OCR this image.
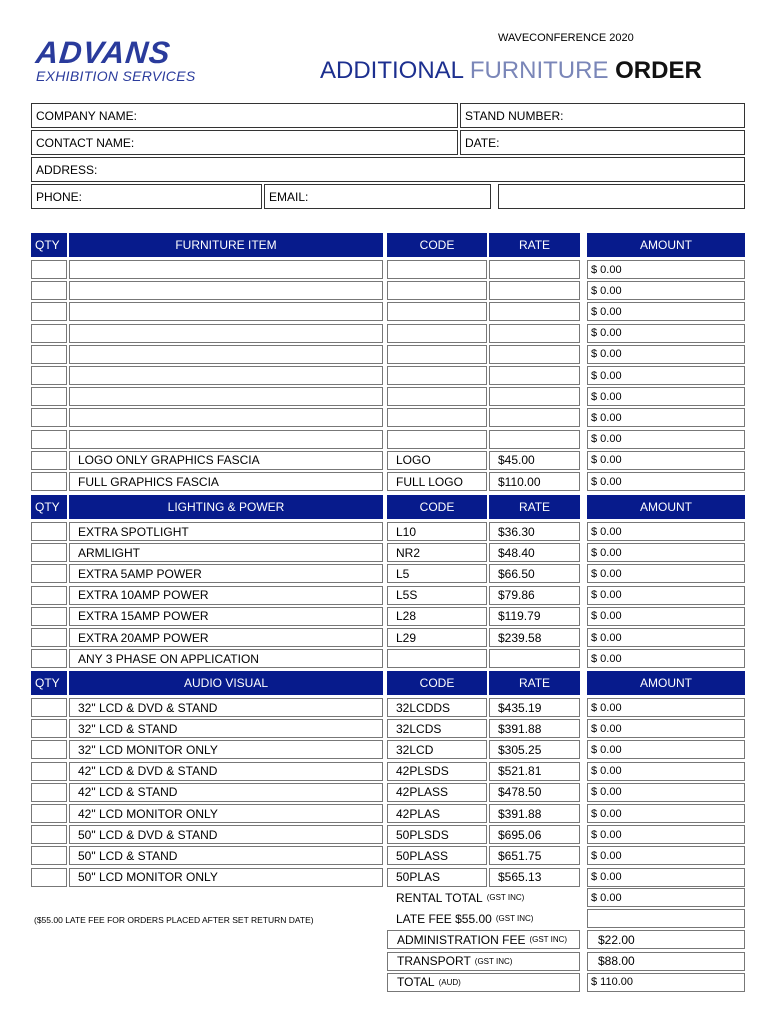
ADVANS
EXHIBITION SERVICES
WAVECONFERENCE 2020
ADDITIONAL FURNITURE ORDER
COMPANY NAME:	STAND NUMBER:
CONTACT NAME:	DATE:
ADDRESS:
PHONE:	EMAIL:
QTY	FURNITURE ITEM	CODE	RATE	AMOUNT
$ 0.00
$ 0.00
$ 0.00
$ 0.00
$ 0.00
$ 0.00
$ 0.00
$ 0.00
$ 0.00
LOGO ONLY GRAPHICS FASCIA	LOGO	$45.00	$ 0.00
FULL GRAPHICS FASCIA	FULL LOGO	$110.00	$ 0.00
QTY	LIGHTING & POWER	CODE	RATE	AMOUNT
EXTRA SPOTLIGHT	L10	$36.30	$ 0.00
ARMLIGHT	NR2	$48.40	$ 0.00
EXTRA 5AMP POWER	L5	$66.50	$ 0.00
EXTRA 10AMP POWER	L5S	$79.86	$ 0.00
EXTRA 15AMP POWER	L28	$119.79	$ 0.00
EXTRA 20AMP POWER	L29	$239.58	$ 0.00
ANY 3 PHASE ON APPLICATION	$ 0.00
QTY	AUDIO VISUAL	CODE	RATE	AMOUNT
32" LCD & DVD & STAND	32LCDDS	$435.19	$ 0.00
32" LCD & STAND	32LCDS	$391.88	$ 0.00
32" LCD MONITOR ONLY	32LCD	$305.25	$ 0.00
42" LCD & DVD & STAND	42PLSDS	$521.81	$ 0.00
42" LCD & STAND	42PLASS	$478.50	$ 0.00
42" LCD MONITOR ONLY	42PLAS	$391.88	$ 0.00
50" LCD & DVD & STAND	50PLSDS	$695.06	$ 0.00
50" LCD & STAND	50PLASS	$651.75	$ 0.00
50" LCD MONITOR ONLY	50PLAS	$565.13	$ 0.00
RENTAL TOTAL (GST INC)	$ 0.00
LATE FEE $55.00 (GST INC)
ADMINISTRATION FEE (GST INC)	$22.00
TRANSPORT (GST INC)	$88.00
TOTAL (AUD)	$ 110.00
($55.00 LATE FEE FOR ORDERS PLACED AFTER SET RETURN DATE)
